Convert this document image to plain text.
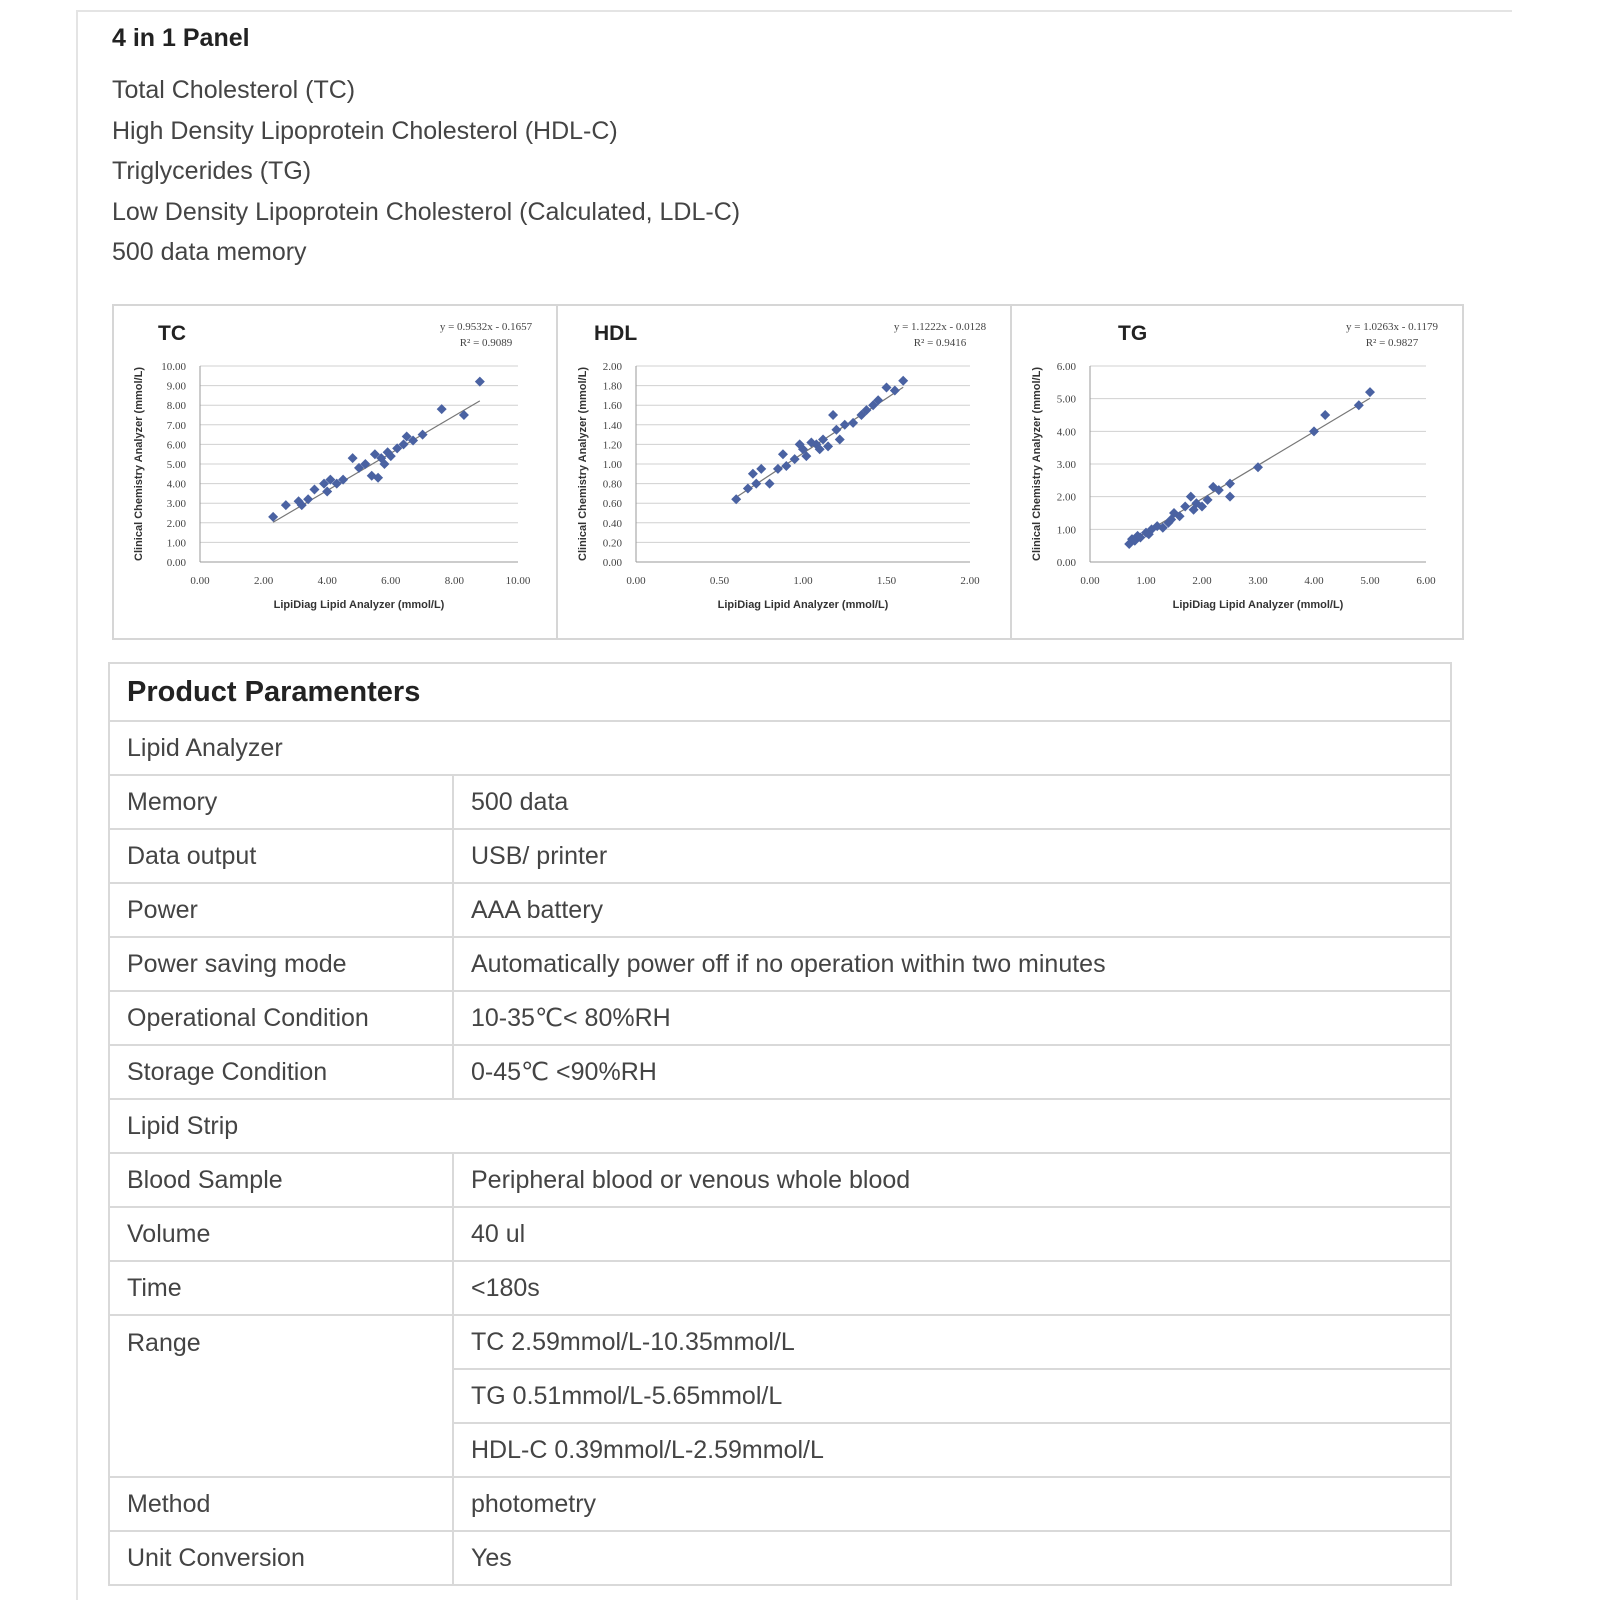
4 in 1 Panel
Total Cholesterol (TC)
High Density Lipoprotein Cholesterol (HDL-C)
Triglycerides (TG)
Low Density Lipoprotein Cholesterol (Calculated, LDL-C)
500 data memory
0.00
1.00
2.00
3.00
4.00
5.00
6.00
7.00
8.00
9.00
10.00
0.00	2.00	4.00	6.00	8.00	10.00
TC	y = 0.9532x - 0.1657
R² = 0.9089
LipiDiag Lipid Analyzer (mmol/L)
Clinical Chemistry Analyzer (mmol/L)
0.00
0.20
0.40
0.60
0.80
1.00
1.20
1.40
1.60
1.80
2.00
0.00	0.50	1.00	1.50	2.00
HDL	y = 1.1222x - 0.0128
R² = 0.9416
LipiDiag Lipid Analyzer (mmol/L)
Clinical Chemistry Analyzer (mmol/L)
0.00
1.00
2.00
3.00
4.00
5.00
6.00
0.00	1.00	2.00	3.00	4.00	5.00	6.00
TG	y = 1.0263x - 0.1179
R² = 0.9827
LipiDiag Lipid Analyzer (mmol/L)
Clinical Chemistry Analyzer (mmol/L)
Product Paramenters	
Lipid Analyzer	
Memory	500 data
Data output	USB/ printer
Power	AAA battery
Power saving mode	Automatically power off if no operation within two minutes
Operational Condition	10-35℃< 80%RH
Storage Condition	0-45℃ <90%RH
Lipid Strip	
Blood Sample	Peripheral blood or venous whole blood
Volume	40 ul
Time	<180s
Range	TC 2.59mmol/L-10.35mmol/L
	TG 0.51mmol/L-5.65mmol/L
	HDL-C 0.39mmol/L-2.59mmol/L
Method	photometry
Unit Conversion	Yes
